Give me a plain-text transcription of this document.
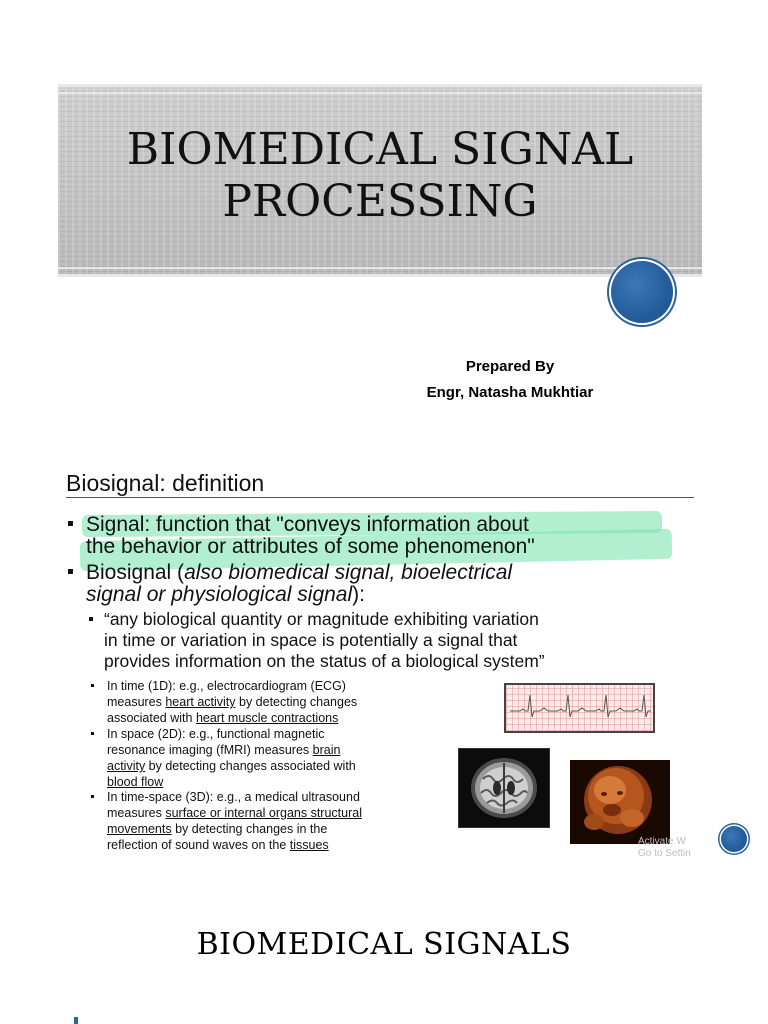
BIOMEDICAL SIGNAL
PROCESSING
Prepared By
Engr, Natasha Mukhtiar
Biosignal: definition
Signal: function that "conveys information about
the behavior or attributes of some phenomenon"
Biosignal (also biomedical signal, bioelectrical
signal or physiological signal):
“any biological quantity or magnitude exhibiting variation
in time or variation in space is potentially a signal that
provides information on the status of a biological system”
In time (1D): e.g., electrocardiogram (ECG)
measures heart activity by detecting changes
associated with heart muscle contractions
In space (2D): e.g., functional magnetic
resonance imaging (fMRI) measures brain
activity by detecting changes associated with
blood flow
In time-space (3D): e.g., a medical ultrasound
measures surface or internal organs structural
movements by detecting changes in the
reflection of sound waves on the tissues	Activate W
Go to Settin
BIOMEDICAL SIGNALS
